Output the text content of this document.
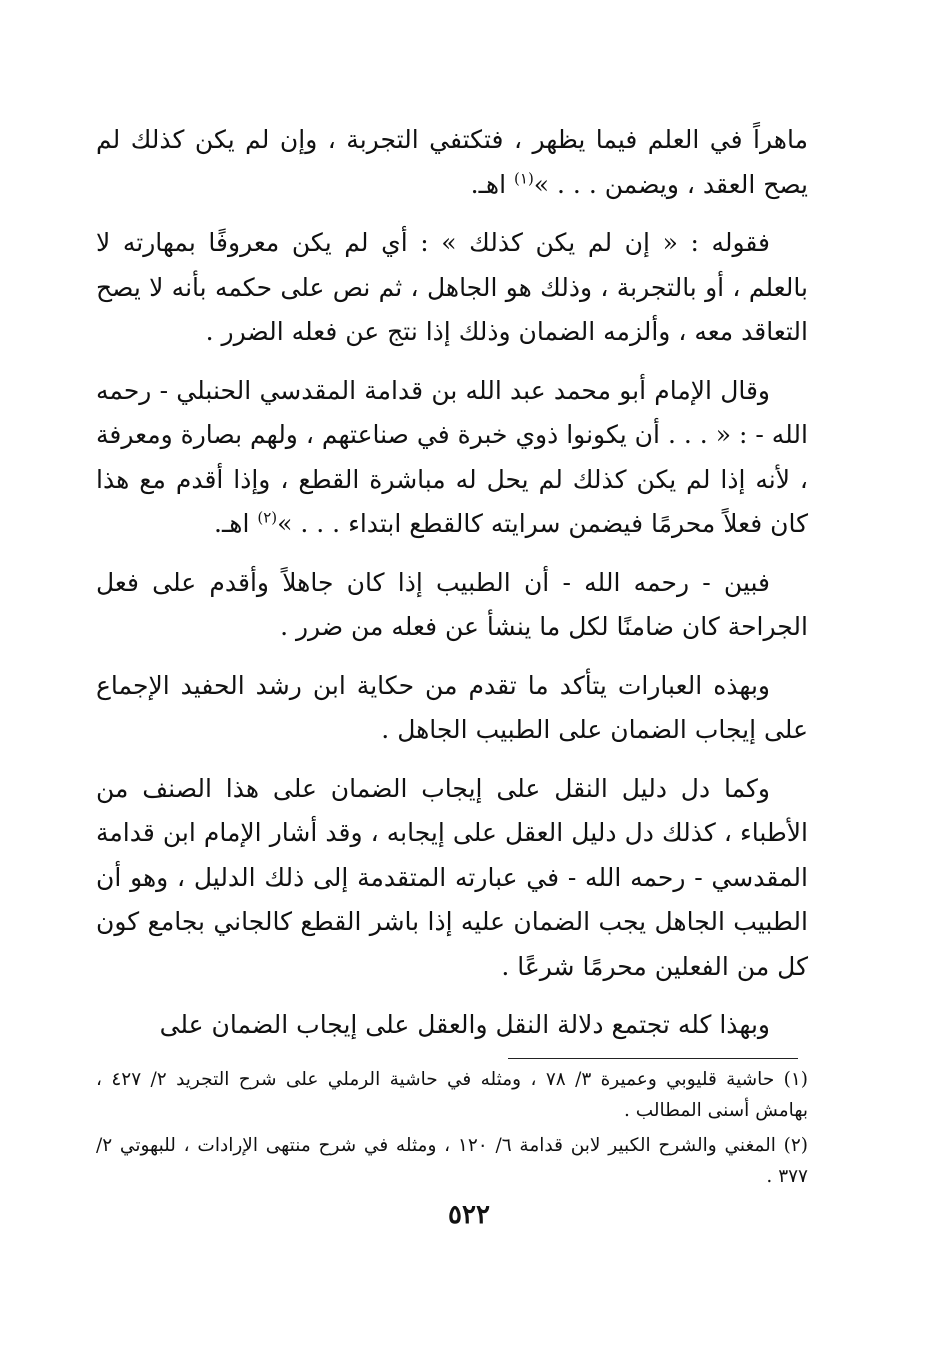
ماهراً في العلم فيما يظهر ، فتكتفي التجربة ، وإن لم يكن كذلك لم يصح العقد ، ويضمن . . . »$^{(١)}$ اهـ.

فقوله : « إن لم يكن كذلك » : أي لم يكن معروفًا بمهارته لا بالعلم ، أو بالتجربة ، وذلك هو الجاهل ، ثم نص على حكمه بأنه لا يصح التعاقد معه ، وألزمه الضمان وذلك إذا نتج عن فعله الضرر .

وقال الإمام أبو محمد عبد الله بن قدامة المقدسي الحنبلي - رحمه الله - : « . . . أن يكونوا ذوي خبرة في صناعتهم ، ولهم بصارة ومعرفة ، لأنه إذا لم يكن كذلك لم يحل له مباشرة القطع ، وإذا أقدم مع هذا كان فعلاً محرمًا فيضمن سرايته كالقطع ابتداء . . . »$^{(٢)}$ اهـ.

فبين - رحمه الله - أن الطبيب إذا كان جاهلاً وأقدم على فعل الجراحة كان ضامنًا لكل ما ينشأ عن فعله من ضرر .

وبهذه العبارات يتأكد ما تقدم من حكاية ابن رشد الحفيد الإجماع على إيجاب الضمان على الطبيب الجاهل .

وكما دل دليل النقل على إيجاب الضمان على هذا الصنف من الأطباء ، كذلك دل دليل العقل على إيجابه ، وقد أشار الإمام ابن قدامة المقدسي - رحمه الله - في عبارته المتقدمة إلى ذلك الدليل ، وهو أن الطبيب الجاهل يجب الضمان عليه إذا باشر القطع كالجاني بجامع كون كل من الفعلين محرمًا شرعًا .

وبهذا كله تجتمع دلالة النقل والعقل على إيجاب الضمان على

(١) حاشية قليوبي وعميرة ٣/ ٧٨ ، ومثله في حاشية الرملي على شرح التجريد ٢/ ٤٢٧ ، بهامش أسنى المطالب .

(٢) المغني والشرح الكبير لابن قدامة ٦/ ١٢٠ ، ومثله في شرح منتهى الإرادات ، للبهوتي ٢/ ٣٧٧ .

٥٢٢
